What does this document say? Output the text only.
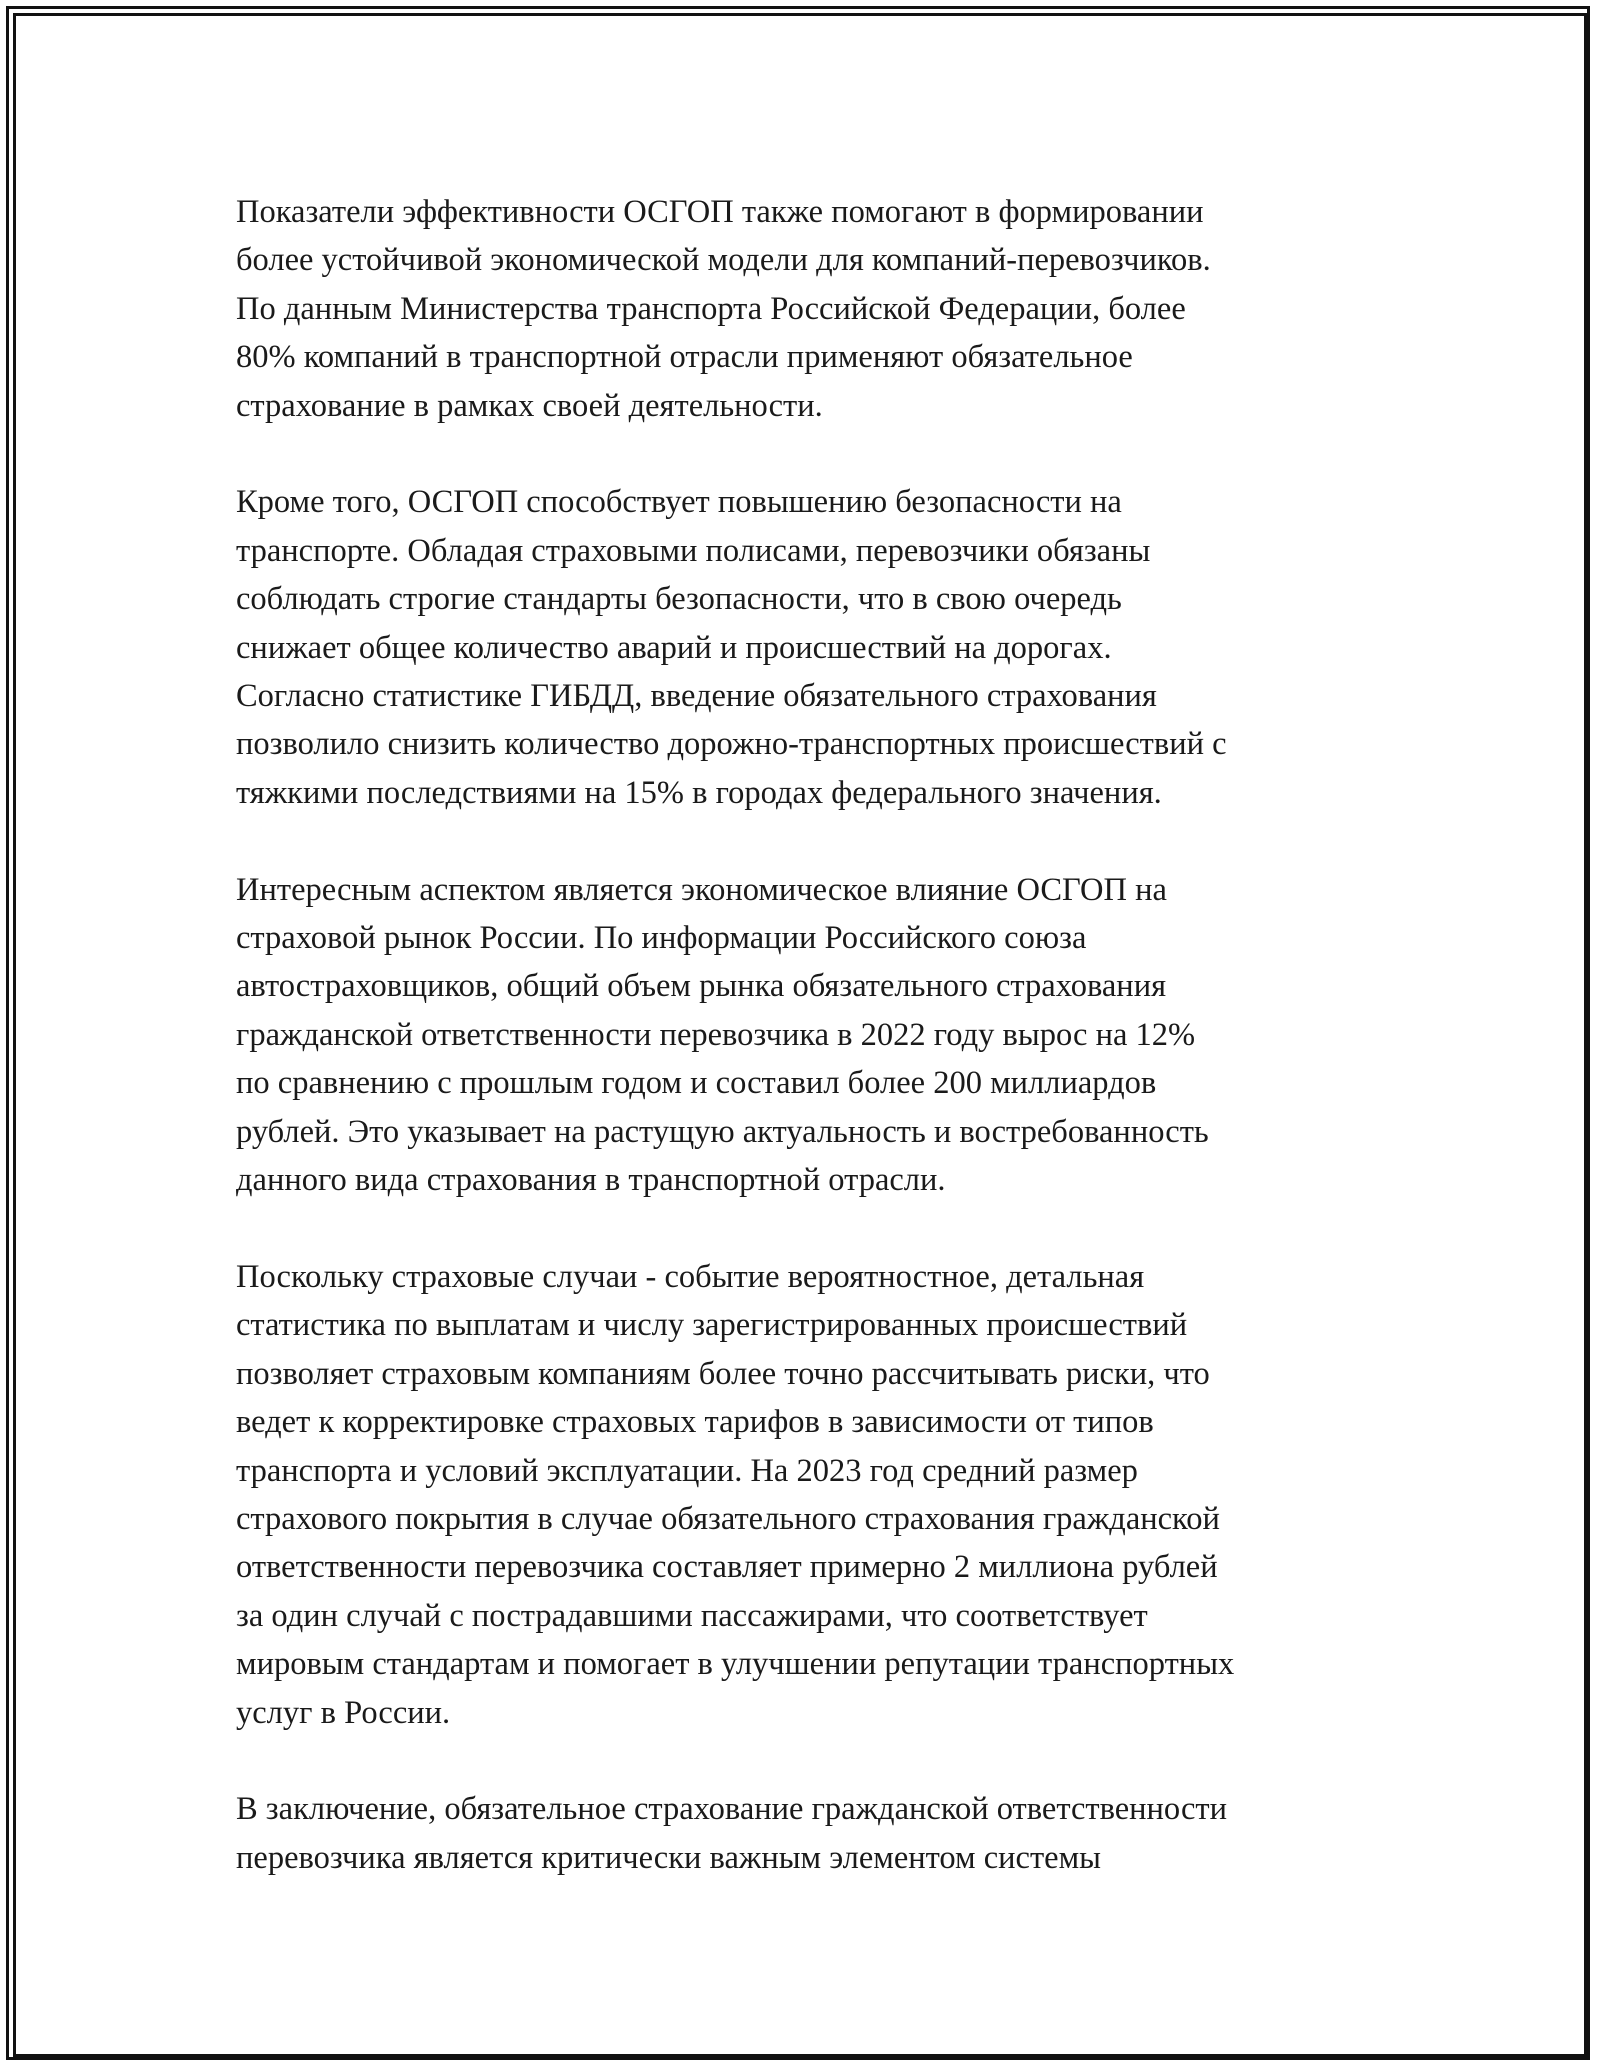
Показатели эффективности ОСГОП также помогают в формировании
более устойчивой экономической модели для компаний-перевозчиков.
По данным Министерства транспорта Российской Федерации, более
80% компаний в транспортной отрасли применяют обязательное
страхование в рамках своей деятельности.

Кроме того, ОСГОП способствует повышению безопасности на
транспорте. Обладая страховыми полисами, перевозчики обязаны
соблюдать строгие стандарты безопасности, что в свою очередь
снижает общее количество аварий и происшествий на дорогах.
Согласно статистике ГИБДД, введение обязательного страхования
позволило снизить количество дорожно-транспортных происшествий с
тяжкими последствиями на 15% в городах федерального значения.

Интересным аспектом является экономическое влияние ОСГОП на
страховой рынок России. По информации Российского союза
автостраховщиков, общий объем рынка обязательного страхования
гражданской ответственности перевозчика в 2022 году вырос на 12%
по сравнению с прошлым годом и составил более 200 миллиардов
рублей. Это указывает на растущую актуальность и востребованность
данного вида страхования в транспортной отрасли.

Поскольку страховые случаи - событие вероятностное, детальная
статистика по выплатам и числу зарегистрированных происшествий
позволяет страховым компаниям более точно рассчитывать риски, что
ведет к корректировке страховых тарифов в зависимости от типов
транспорта и условий эксплуатации. На 2023 год средний размер
страхового покрытия в случае обязательного страхования гражданской
ответственности перевозчика составляет примерно 2 миллиона рублей
за один случай с пострадавшими пассажирами, что соответствует
мировым стандартам и помогает в улучшении репутации транспортных
услуг в России.

В заключение, обязательное страхование гражданской ответственности
перевозчика является критически важным элементом системы
